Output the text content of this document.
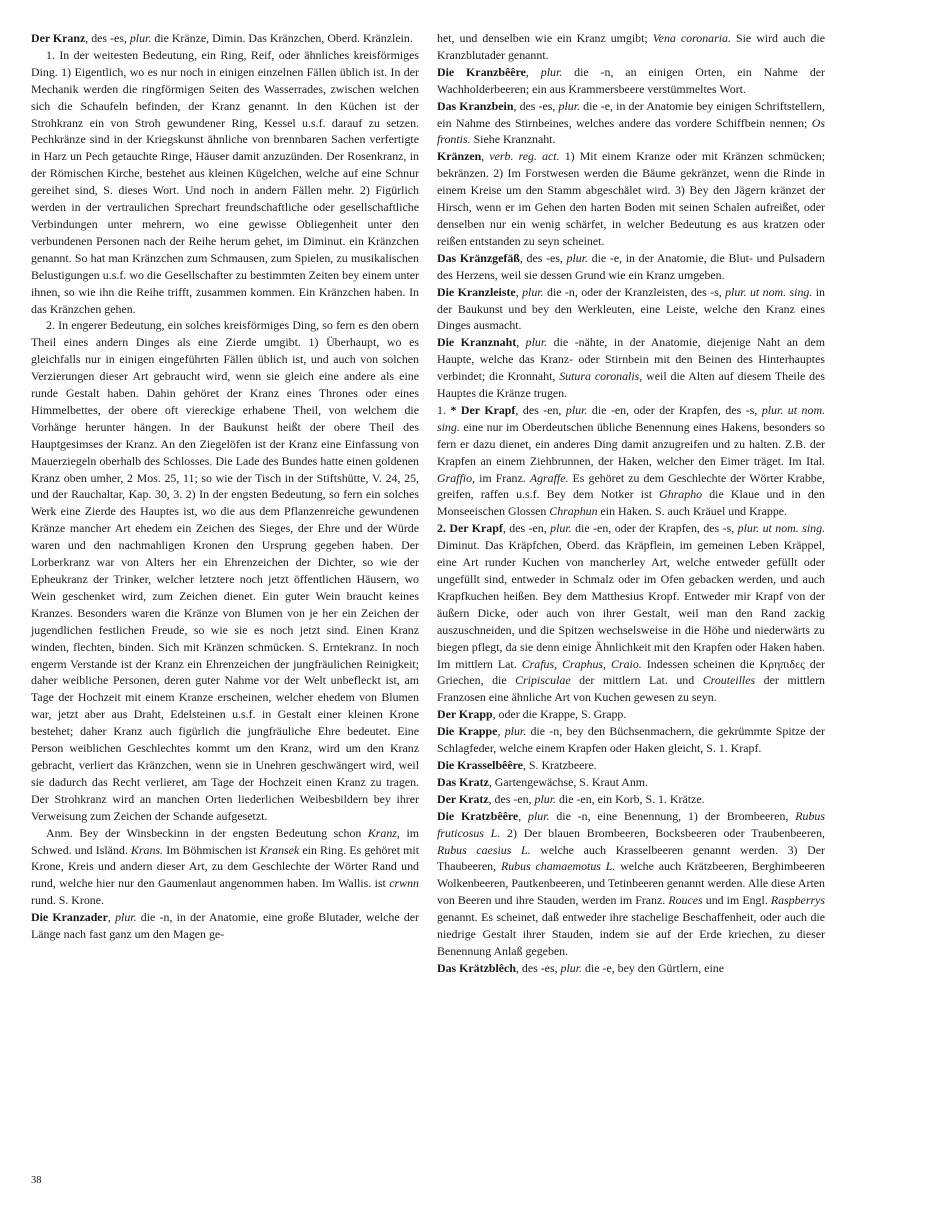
Der Kranz, des -es, plur. die Kränze, Dimin. Das Kränzchen, Oberd. Kränzlein.

1. In der weitesten Bedeutung, ein Ring, Reif, oder ähnliches kreisförmiges Ding. 1) Eigentlich, wo es nur noch in einigen einzelnen Fällen üblich ist. In der Mechanik werden die ringförmigen Seiten des Wasserrades, zwischen welchen sich die Schaufeln befinden, der Kranz genannt. In den Küchen ist der Strohkranz ein von Stroh gewundener Ring, Kessel u.s.f. darauf zu setzen. Pechkränze sind in der Kriegskunst ähnliche von brennbaren Sachen verfertigte in Harz un Pech getauchte Ringe, Häuser damit anzuzünden. Der Rosenkranz, in der Römischen Kirche, bestehet aus kleinen Kügelchen, welche auf eine Schnur gereihet sind, S. dieses Wort. Und noch in andern Fällen mehr. 2) Figürlich werden in der vertraulichen Sprechart freundschaftliche oder gesellschaftliche Verbindungen unter mehrern, wo eine gewisse Obliegenheit unter den verbundenen Personen nach der Reihe herum gehet, im Diminut. ein Kränzchen genannt. So hat man Kränzchen zum Schmausen, zum Spielen, zu musikalischen Belustigungen u.s.f. wo die Gesellschafter zu bestimmten Zeiten bey einem unter ihnen, so wie ihn die Reihe trifft, zusammen kommen. Ein Kränzchen haben. In das Kränzchen gehen.

2. In engerer Bedeutung, ein solches kreisförmiges Ding, so fern es den obern Theil eines andern Dinges als eine Zierde umgibt. 1) Überhaupt, wo es gleichfalls nur in einigen eingeführten Fällen üblich ist, und auch von solchen Verzierungen dieser Art gebraucht wird, wenn sie gleich eine andere als eine runde Gestalt haben. Dahin gehöret der Kranz eines Thrones oder eines Himmelbettes, der obere oft viereckige erhabene Theil, von welchem die Vorhänge herunter hängen. In der Baukunst heißt der obere Theil des Hauptgesimses der Kranz. An den Ziegelöfen ist der Kranz eine Einfassung von Mauerziegeln oberhalb des Schlosses. Die Lade des Bundes hatte einen goldenen Kranz oben umher, 2 Mos. 25, 11; so wie der Tisch in der Stiftshütte, V. 24, 25, und der Rauchaltar, Kap. 30, 3. 2) In der engsten Bedeutung, so fern ein solches Werk eine Zierde des Hauptes ist, wo die aus dem Pflanzenreiche gewundenen Kränze mancher Art ehedem ein Zeichen des Sieges, der Ehre und der Würde waren und den nachmahligen Kronen den Ursprung gegeben haben. Der Lorberkranz war von Alters her ein Ehrenzeichen der Dichter, so wie der Epheukranz der Trinker, welcher letztere noch jetzt öffentlichen Häusern, wo Wein geschenket wird, zum Zeichen dienet. Ein guter Wein braucht keines Kranzes. Besonders waren die Kränze von Blumen von je her ein Zeichen der jugendlichen festlichen Freude, so wie sie es noch jetzt sind. Einen Kranz winden, flechten, binden. Sich mit Kränzen schmücken. S. Erntekranz. In noch engerm Verstande ist der Kranz ein Ehrenzeichen der jungfräulichen Reinigkeit; daher weibliche Personen, deren guter Nahme vor der Welt unbefleckt ist, am Tage der Hochzeit mit einem Kranze erscheinen, welcher ehedem von Blumen war, jetzt aber aus Draht, Edelsteinen u.s.f. in Gestalt einer kleinen Krone bestehet; daher Kranz auch figürlich die jungfräuliche Ehre bedeutet. Eine Person weiblichen Geschlechtes kommt um den Kranz, wird um den Kranz gebracht, verliert das Kränzchen, wenn sie in Unehren geschwängert wird, weil sie dadurch das Recht verlieret, am Tage der Hochzeit einen Kranz zu tragen. Der Strohkranz wird an manchen Orten liederlichen Weibesbildern bey ihrer Verweisung zum Zeichen der Schande aufgesetzt.

Anm. Bey der Winsbeckinn in der engsten Bedeutung schon Kranz, im Schwed. und Isländ. Krans. Im Böhmischen ist Kransek ein Ring. Es gehöret mit Krone, Kreis und andern dieser Art, zu dem Geschlechte der Wörter Rand und rund, welche hier nur den Gaumenlaut angenommen haben. Im Wallis. ist crwnn rund. S. Krone.

Die Kranzader, plur. die -n, in der Anatomie, eine große Blutader, welche der Länge nach fast ganz um den Magen ge-

het, und denselben wie ein Kranz umgibt; Vena coronaria. Sie wird auch die Kranzblutader genannt.

Die Kranzbêêre, plur. die -n, an einigen Orten, ein Nahme der Wachholderbeeren; ein aus Krammersbeere verstümmeltes Wort.

Das Kranzbein, des -es, plur. die -e, in der Anatomie bey einigen Schriftstellern, ein Nahme des Stirnbeines, welches andere das vordere Schiffbein nennen; Os frontis. Siehe Kranznaht.

Kränzen, verb. reg. act. 1) Mit einem Kranze oder mit Kränzen schmücken; bekränzen. 2) Im Forstwesen werden die Bäume gekränzet, wenn die Rinde in einem Kreise um den Stamm abgeschälet wird. 3) Bey den Jägern kränzet der Hirsch, wenn er im Gehen den harten Boden mit seinen Schalen aufreißet, oder denselben nur ein wenig schärfet, in welcher Bedeutung es aus kratzen oder reißen entstanden zu seyn scheinet.

Das Kränzgefäß, des -es, plur. die -e, in der Anatomie, die Blut- und Pulsadern des Herzens, weil sie dessen Grund wie ein Kranz umgeben.

Die Kranzleiste, plur. die -n, oder der Kranzleisten, des -s, plur. ut nom. sing. in der Baukunst und bey den Werkleuten, eine Leiste, welche den Kranz eines Dinges ausmacht.

Die Kranznaht, plur. die -nähte, in der Anatomie, diejenige Naht an dem Haupte, welche das Kranz- oder Stirnbein mit den Beinen des Hinterhauptes verbindet; die Kronnaht, Sutura coronalis, weil die Alten auf diesem Theile des Hauptes die Kränze trugen.

1. * Der Krapf, des -en, plur. die -en, oder der Krapfen, des -s, plur. ut nom. sing. eine nur im Oberdeutschen übliche Benennung eines Hakens, besonders so fern er dazu dienet, ein anderes Ding damit anzugreifen und zu halten. Z.B. der Krapfen an einem Ziehbrunnen, der Haken, welcher den Eimer träget. Im Ital. Graffio, im Franz. Agraffe. Es gehöret zu dem Geschlechte der Wörter Krabbe, greifen, raffen u.s.f. Bey dem Notker ist Ghrapho die Klaue und in den Monseeischen Glossen Chraphun ein Haken. S. auch Kräuel und Krappe.

2. Der Krapf, des -en, plur. die -en, oder der Krapfen, des -s, plur. ut nom. sing. Diminut. Das Kräpfchen, Oberd. das Kräpflein, im gemeinen Leben Kräppel, eine Art runder Kuchen von mancherley Art, welche entweder gefüllt oder ungefüllt sind, entweder in Schmalz oder im Ofen gebacken werden, und auch Krapfkuchen heißen. Bey dem Matthesius Kropf. Entweder mir Krapf von der äußern Dicke, oder auch von ihrer Gestalt, weil man den Rand zackig auszuschneiden, und die Spitzen wechselsweise in die Höhe und niederwärts zu biegen pflegt, da sie denn einige Ähnlichkeit mit den Krapfen oder Haken haben. Im mittlern Lat. Crafus, Craphus, Craio. Indessen scheinen die Κρηπιδες der Griechen, die Cripisculae der mittlern Lat. und Crouteilles der mittlern Franzosen eine ähnliche Art von Kuchen gewesen zu seyn.

Der Krapp, oder die Krappe, S. Grapp.

Die Krappe, plur. die -n, bey den Büchsenmachern, die gekrümmte Spitze der Schlagfeder, welche einem Krapfen oder Haken gleicht, S. 1. Krapf.

Die Krasselbêêre, S. Kratzbeere.

Das Kratz, Gartengewächse, S. Kraut Anm.

Der Kratz, des -en, plur. die -en, ein Korb, S. 1. Krätze.

Die Kratzbêêre, plur. die -n, eine Benennung, 1) der Brombeeren, Rubus fruticosus L. 2) Der blauen Brombeeren, Bocksbeeren oder Traubenbeeren, Rubus caesius L. welche auch Krasselbeeren genannt werden. 3) Der Thaubeeren, Rubus chamaemotus L. welche auch Krätzbeeren, Berghimbeeren Wolkenbeeren, Pautkenbeeren, und Tetinbeeren genannt werden. Alle diese Arten von Beeren und ihre Stauden, werden im Franz. Rouces und im Engl. Raspberrys genannt. Es scheinet, daß entweder ihre stachelige Beschaffenheit, oder auch die niedrige Gestalt ihrer Stauden, indem sie auf der Erde kriechen, zu dieser Benennung Anlaß gegeben.

Das Krätzblêch, des -es, plur. die -e, bey den Gürtlern, eine

38
